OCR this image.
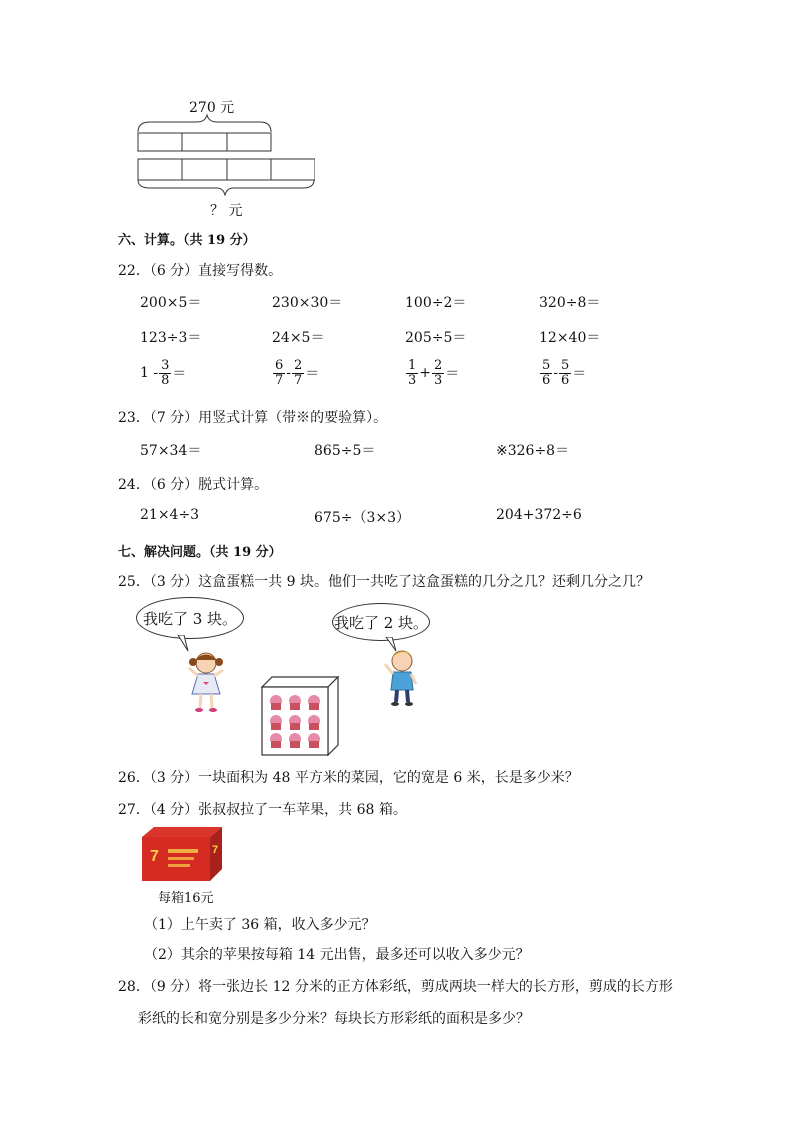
270 元
？ 元
六、计算。（共 19 分）
22．（6 分）直接写得数。
200×5＝	230×30＝	100÷2＝	320÷8＝
123÷3＝	24×5＝	205÷5＝	12×40＝
$1 - \frac{3}{8}$ ＝	$\frac{6}{7} - \frac{2}{7}$ ＝	$\frac{1}{3} + \frac{2}{3}$ ＝	$\frac{5}{6} - \frac{5}{6}$ ＝
23．（7 分）用竖式计算（带※的要验算）。
57×34＝	865÷5＝	※326÷8＝
24．（6 分）脱式计算。
21×4÷3	675÷（3×3）	204+372÷6
七、解决问题。（共 19 分）
25．（3 分）这盒蛋糕一共 9 块。他们一共吃了这盒蛋糕的几分之几？还剩几分之几？
我吃了 3 块。	我吃了 2 块。
26．（3 分）一块面积为 48 平方米的菜园，它的宽是 6 米，长是多少米？
27．（4 分）张叔叔拉了一车苹果，共 68 箱。
7	7
每箱16元
（1）上午卖了 36 箱，收入多少元？
（2）其余的苹果按每箱 14 元出售，最多还可以收入多少元？
28．（9 分）将一张边长 12 分米的正方体彩纸，剪成两块一样大的长方形，剪成的长方形
彩纸的长和宽分别是多少分米？每块长方形彩纸的面积是多少？
